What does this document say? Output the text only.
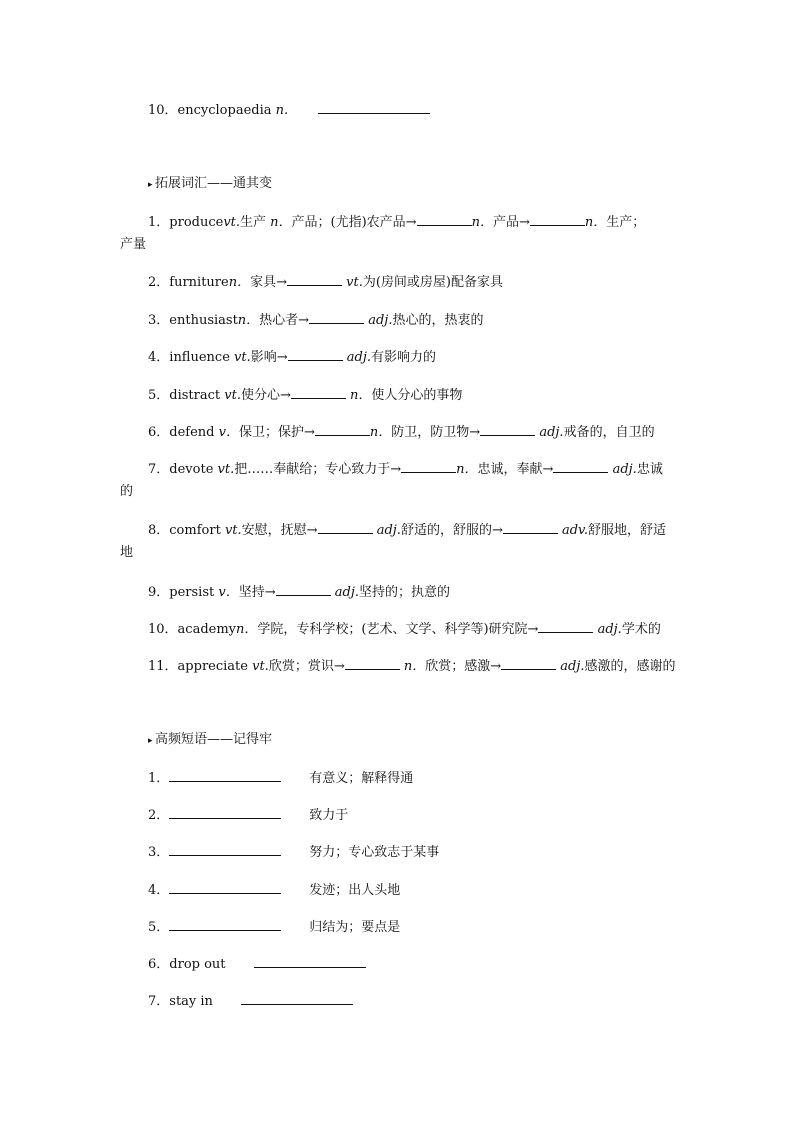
10．encyclopaedia n.
▸ 拓展词汇——通其变
1．producevt.生产 n．产品；(尤指)农产品→	n．产品→	n．生产；
产量
2．furnituren．家具→	vt.为(房间或房屋)配备家具
3．enthusiastn．热心者→	adj.热心的，热衷的
4．influence vt.影响→	adj.有影响力的
5．distract vt.使分心→	n．使人分心的事物
6．defend v．保卫；保护→	n．防卫，防卫物→	adj.戒备的，自卫的
7．devote vt.把……奉献给；专心致力于→	n．忠诚，奉献→	adj.忠诚
的
8．comfort vt.安慰，抚慰→	adj.舒适的，舒服的→	adv.舒服地，舒适
地
9．persist v．坚持→	adj.坚持的；执意的
10．academyn．学院，专科学校；(艺术、文学、科学等)研究院→	adj.学术的
11．appreciate vt.欣赏；赏识→	n．欣赏；感激→	adj.感激的，感谢的
▸ 高频短语——记得牢
1．	有意义；解释得通
2．	致力于
3．	努力；专心致志于某事
4．	发迹；出人头地
5．	归结为；要点是
6．drop out
7．stay in
